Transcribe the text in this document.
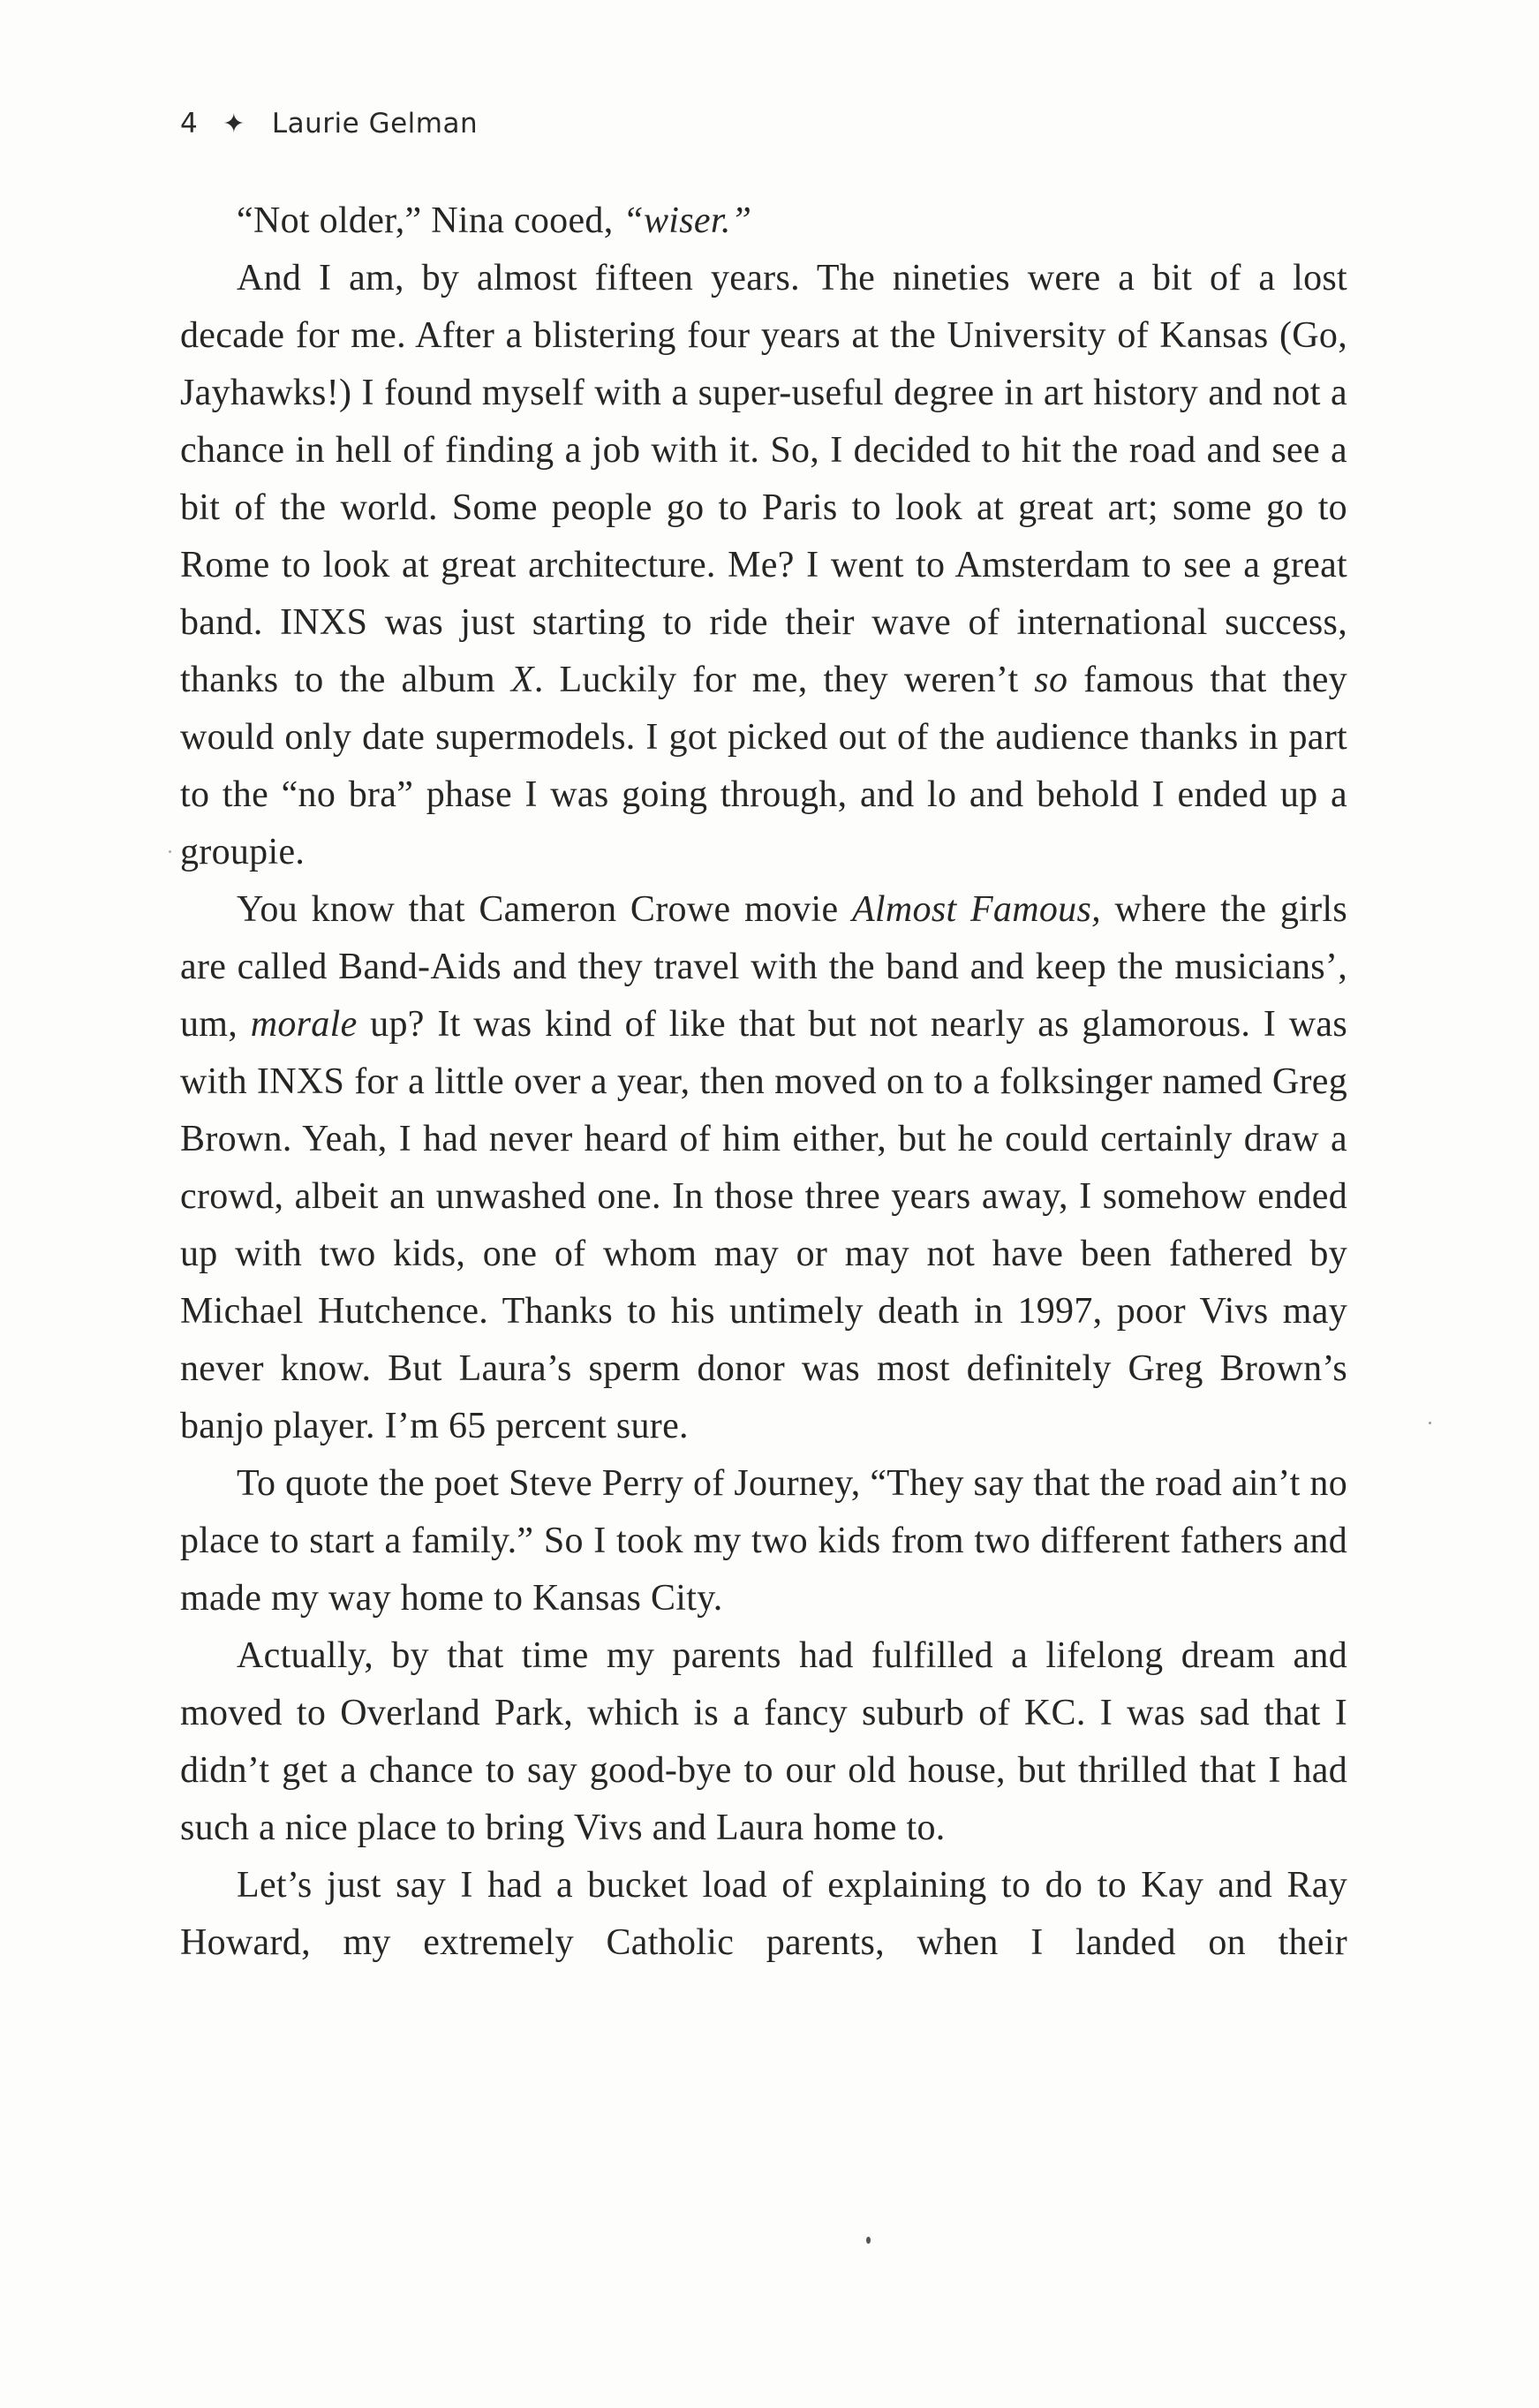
4 ✦ Laurie Gelman

“Not older,” Nina cooed, “wiser.”

And I am, by almost fifteen years. The nineties were a bit of a lost decade for me. After a blistering four years at the University of Kansas (Go, Jayhawks!) I found myself with a super-useful degree in art history and not a chance in hell of finding a job with it. So, I decided to hit the road and see a bit of the world. Some people go to Paris to look at great art; some go to Rome to look at great architecture. Me? I went to Amsterdam to see a great band. INXS was just starting to ride their wave of international success, thanks to the album X. Luckily for me, they weren’t so famous that they would only date supermodels. I got picked out of the audience thanks in part to the “no bra” phase I was going through, and lo and behold I ended up a groupie.

You know that Cameron Crowe movie Almost Famous, where the girls are called Band-Aids and they travel with the band and keep the musicians’, um, morale up? It was kind of like that but not nearly as glamorous. I was with INXS for a little over a year, then moved on to a folksinger named Greg Brown. Yeah, I had never heard of him either, but he could certainly draw a crowd, albeit an unwashed one. In those three years away, I somehow ended up with two kids, one of whom may or may not have been fathered by Michael Hutchence. Thanks to his untimely death in 1997, poor Vivs may never know. But Laura’s sperm donor was most definitely Greg Brown’s banjo player. I’m 65 percent sure.

To quote the poet Steve Perry of Journey, “They say that the road ain’t no place to start a family.” So I took my two kids from two different fathers and made my way home to Kansas City.

Actually, by that time my parents had fulfilled a lifelong dream and moved to Overland Park, which is a fancy suburb of KC. I was sad that I didn’t get a chance to say good-bye to our old house, but thrilled that I had such a nice place to bring Vivs and Laura home to.

Let’s just say I had a bucket load of explaining to do to Kay and Ray Howard, my extremely Catholic parents, when I landed on their
